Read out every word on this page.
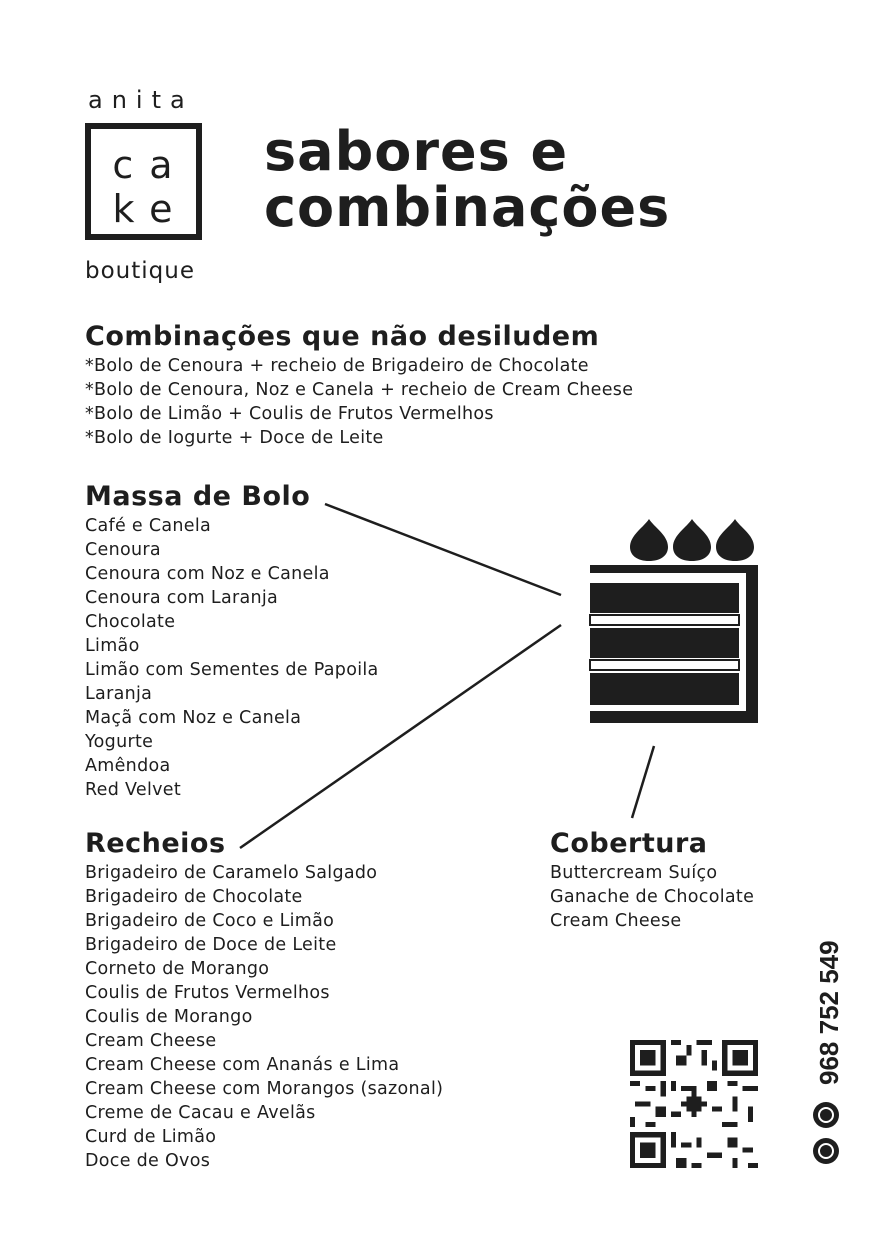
anita
ca
ke
boutique
sabores e
combinações
Combinações que não desiludem
*Bolo de Cenoura + recheio de Brigadeiro de Chocolate
*Bolo de Cenoura, Noz e Canela + recheio de Cream Cheese
*Bolo de Limão + Coulis de Frutos Vermelhos
*Bolo de Iogurte + Doce de Leite
Massa de Bolo
Café e Canela
Cenoura
Cenoura com Noz e Canela
Cenoura com Laranja
Chocolate
Limão
Limão com Sementes de Papoila
Laranja
Maçã com Noz e Canela
Yogurte
Amêndoa
Red Velvet
Recheios
Brigadeiro de Caramelo Salgado
Brigadeiro de Chocolate
Brigadeiro de Coco e Limão
Brigadeiro de Doce de Leite
Corneto de Morango
Coulis de Frutos Vermelhos
Coulis de Morango
Cream Cheese
Cream Cheese com Ananás e Lima
Cream Cheese com Morangos (sazonal)
Creme de Cacau e Avelãs
Curd de Limão
Doce de Ovos
Cobertura
Buttercream Suíço
Ganache de Chocolate
Cream Cheese
968 752 549
